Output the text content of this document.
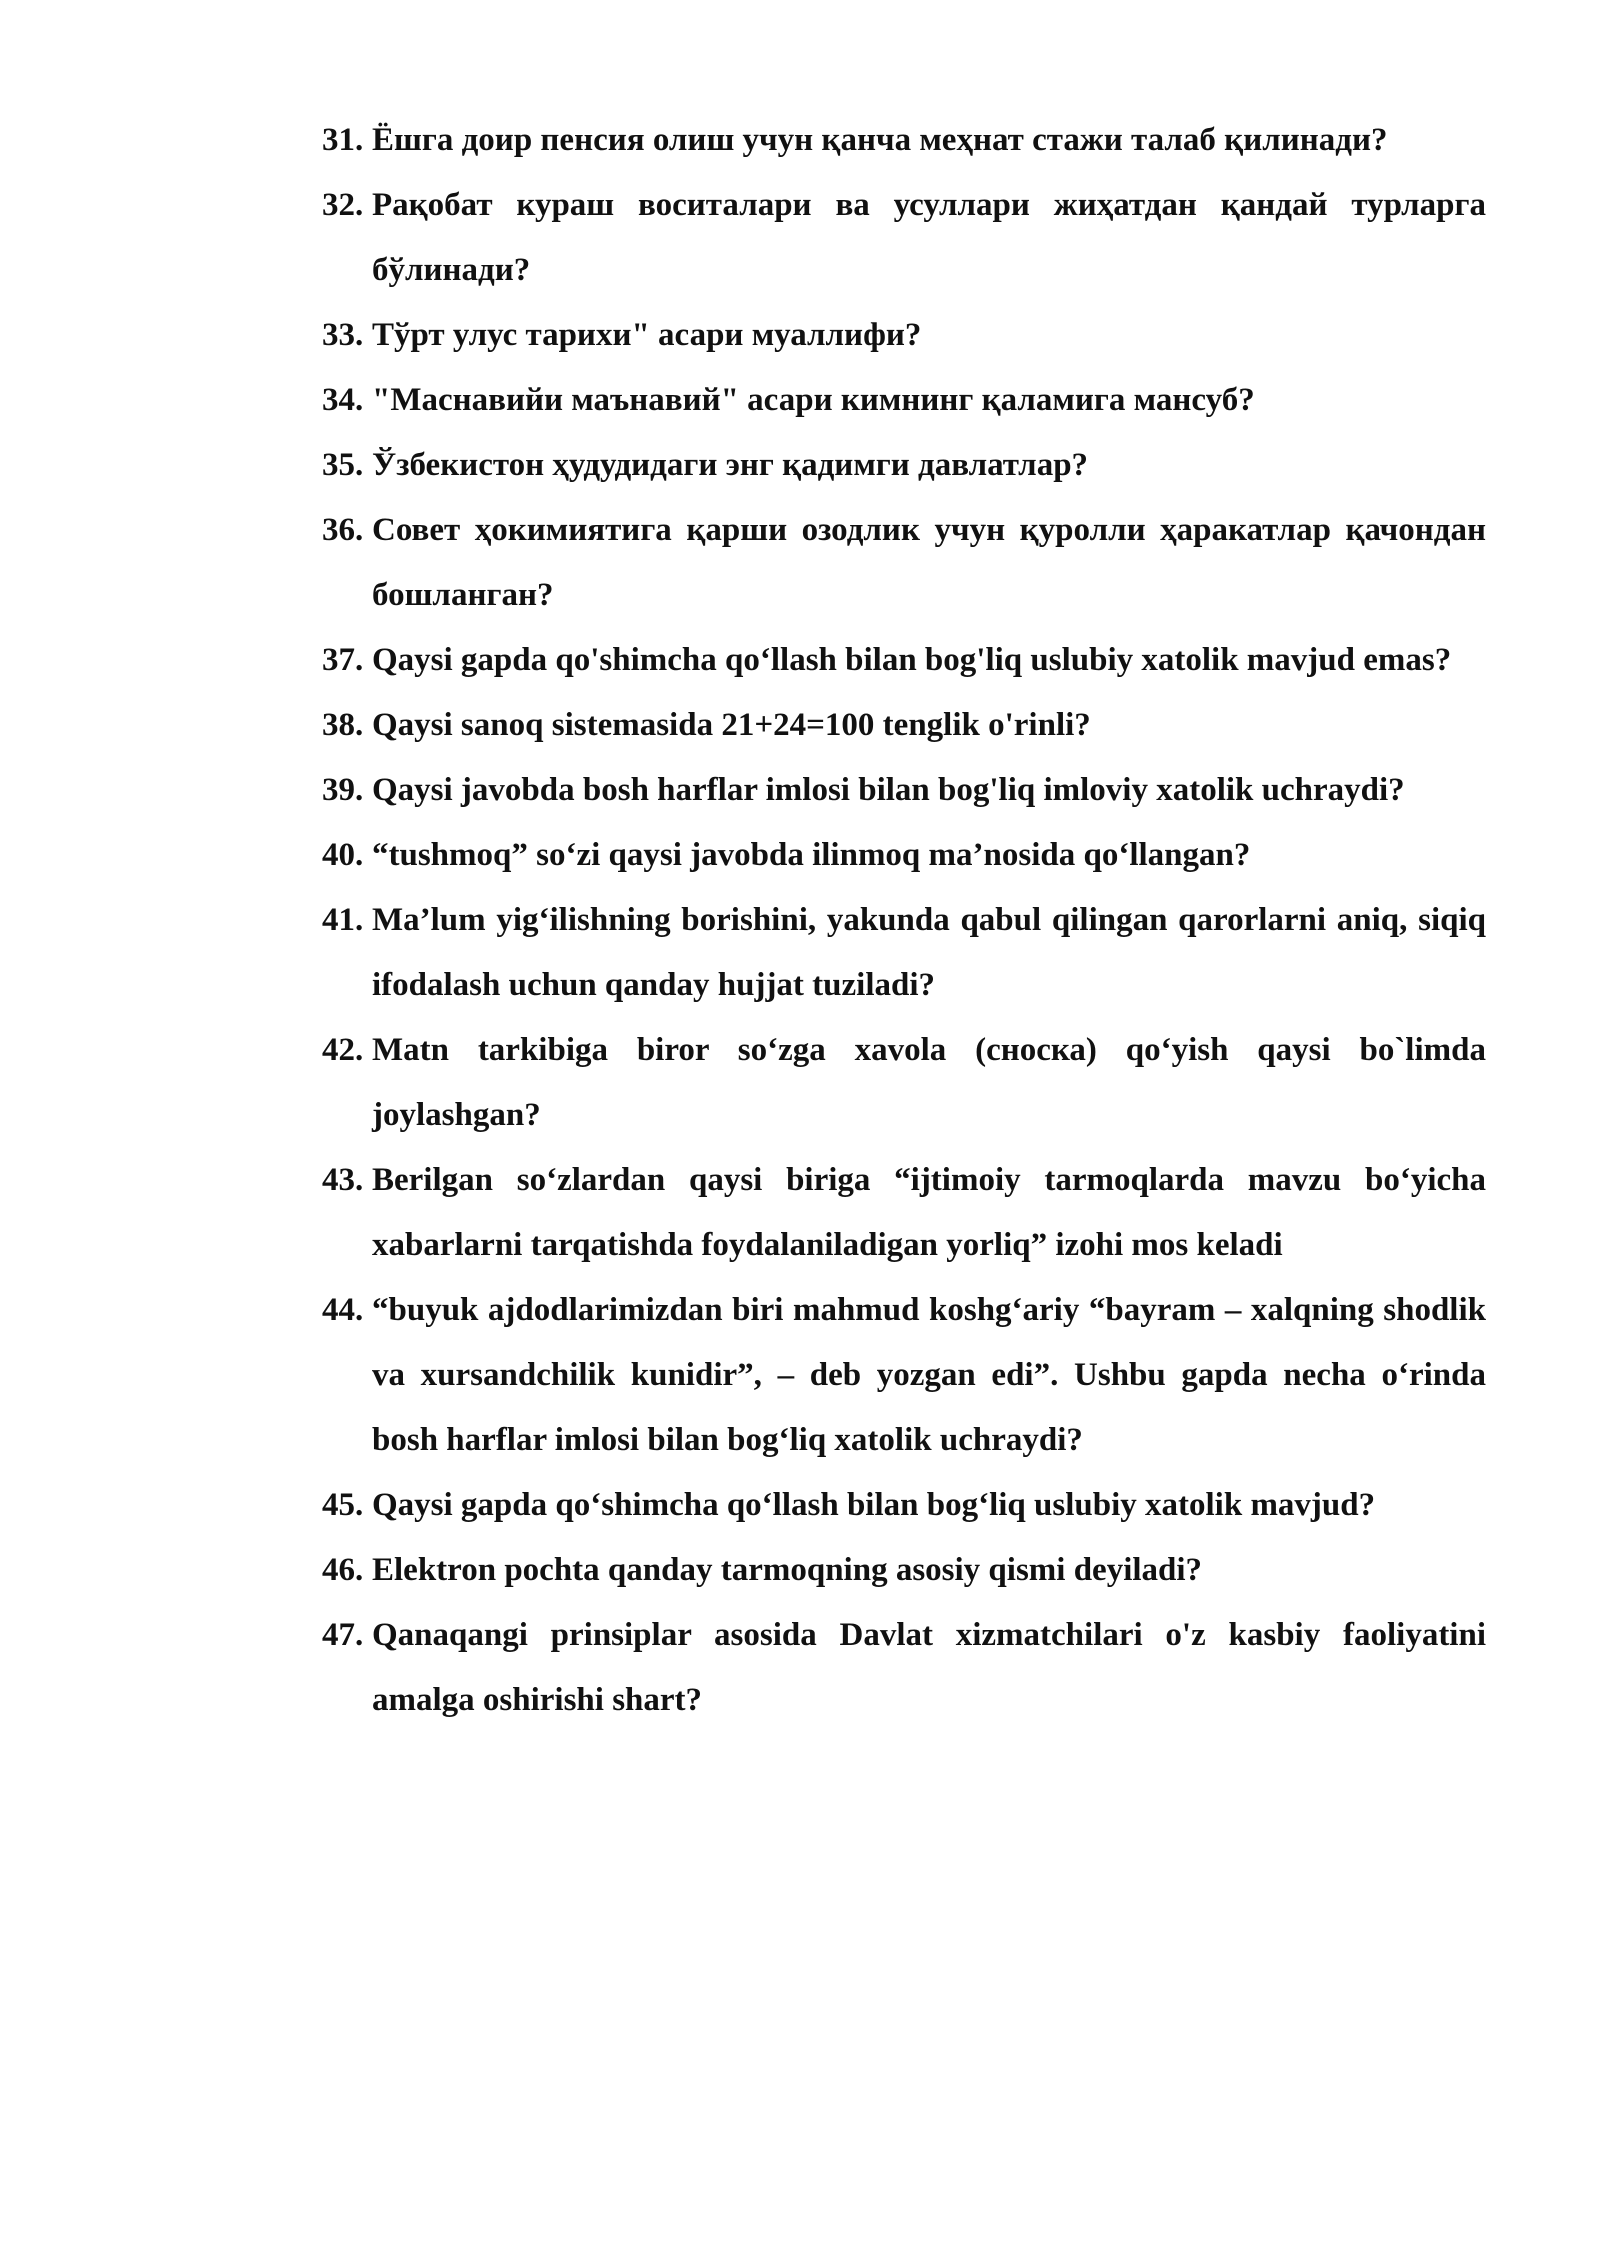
31. Ёшга доир пенсия олиш учун қанча меҳнат стажи талаб қилинади?
32. Рақобат кураш воситалари ва усуллари жиҳатдан қандай турларга бўлинади?
33. Тўрт улус тарихи" асари муаллифи?
34. "Маснавийи маънавий" асари кимнинг қаламига мансуб?
35. Ўзбекистон ҳудудидаги энг қадимги давлатлар?
36. Совет ҳокимиятига қарши озодлик учун қуролли ҳаракатлар қачондан бошланган?
37. Qaysi gapda qo'shimcha qo‘llash bilan bog'liq uslubiy xatolik mavjud emas?
38. Qaysi sanoq sistemasida 21+24=100 tenglik o'rinli?
39. Qaysi javobda bosh harflar imlosi bilan bog'liq imloviy xatolik uchraydi?
40. “tushmoq” so‘zi qaysi javobda ilinmoq ma’nosida qo‘llangan?
41. Ma’lum yig‘ilishning borishini, yakunda qabul qilingan qarorlarni aniq, siqiq ifodalash uchun qanday hujjat tuziladi?
42. Matn tarkibiga biror so‘zga xavola (сноска) qo‘yish qaysi bo`limda joylashgan?
43. Berilgan so‘zlardan qaysi biriga “ijtimoiy tarmoqlarda mavzu bo‘yicha xabarlarni tarqatishda foydalaniladigan yorliq” izohi mos keladi
44. “buyuk ajdodlarimizdan biri mahmud koshg‘ariy “bayram – xalqning shodlik va xursandchilik kunidir”, – deb yozgan edi”. Ushbu gapda necha o‘rinda bosh harflar imlosi bilan bog‘liq xatolik uchraydi?
45. Qaysi gapda qo‘shimcha qo‘llash bilan bog‘liq uslubiy xatolik mavjud?
46. Elektron pochta qanday tarmoqning asosiy qismi deyiladi?
47. Qanaqangi prinsiplar asosida Davlat xizmatchilari o'z kasbiy faoliyatini amalga oshirishi shart?
